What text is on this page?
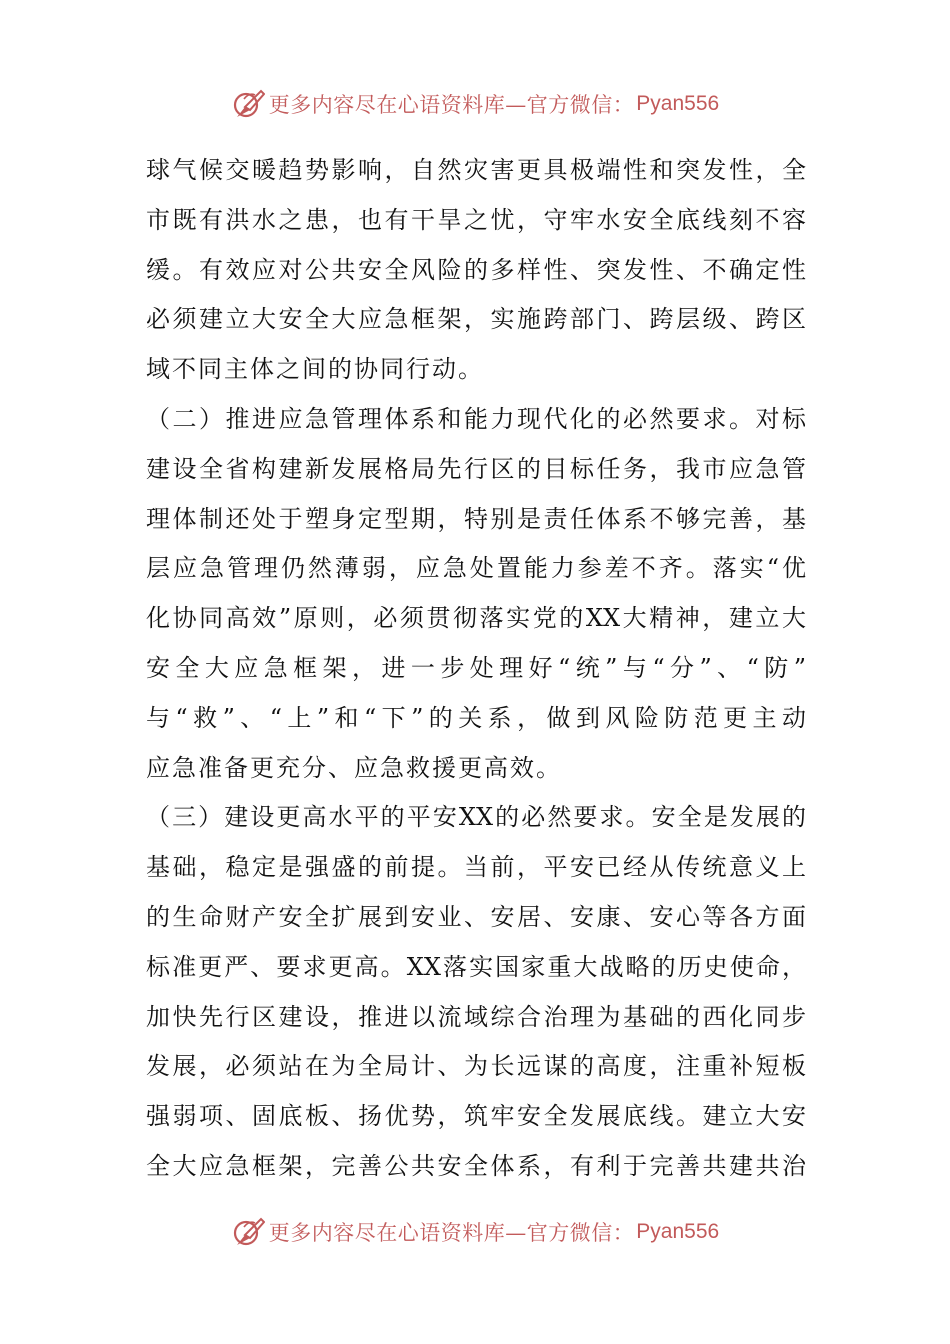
更多内容尽在心语资料库—官方微信： Pyan556
球气候交暖趋势影响，自然灾害更具极端性和突发性，全
市既有洪水之患，也有干旱之忧，守牢水安全底线刻不容
缓。有效应对公共安全风险的多样性、突发性、不确定性
必须建立大安全大应急框架，实施跨部门、跨层级、跨区
域不同主体之间的协同行动。
（二）推进应急管理体系和能力现代化的必然要求。对标
建设全省构建新发展格局先行区的目标任务，我市应急管
理体制还处于塑身定型期，特别是责任体系不够完善，基
层应急管理仍然薄弱，应急处置能力参差不齐。落实“优
化协同高效”原则，必须贯彻落实党的XX大精神，建立大
安全大应急框架，进一步处理好“统”与“分”、“防”
与“救”、“上”和“下”的关系，做到风险防范更主动
应急准备更充分、应急救援更高效。
（三）建设更高水平的平安XX的必然要求。安全是发展的
基础，稳定是强盛的前提。当前，平安已经从传统意义上
的生命财产安全扩展到安业、安居、安康、安心等各方面
标准更严、要求更高。XX落实国家重大战略的历史使命，
加快先行区建设，推进以流域综合治理为基础的西化同步
发展，必须站在为全局计、为长远谋的高度，注重补短板
强弱项、固底板、扬优势，筑牢安全发展底线。建立大安
全大应急框架，完善公共安全体系，有利于完善共建共治
更多内容尽在心语资料库—官方微信： Pyan556
